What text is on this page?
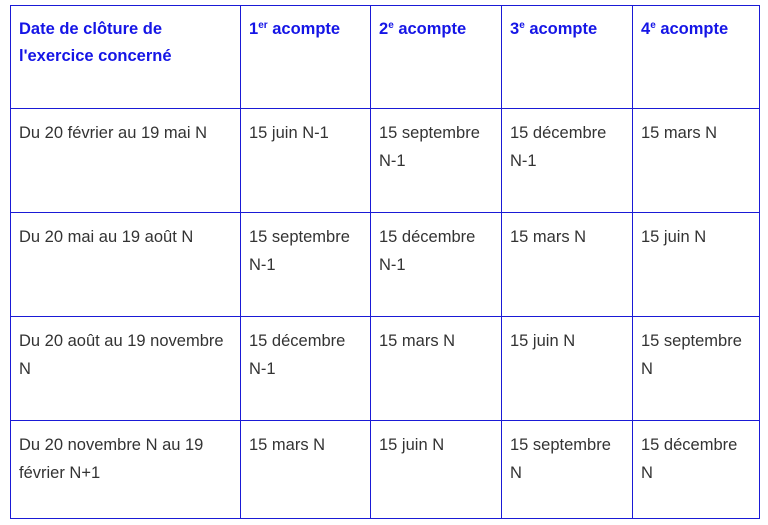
Date de clôture de l'exercice concerné	1er acompte	2e acompte	3e acompte	4e acompte
Du 20 février au 19 mai N	15 juin N-1	15 septembre N-1	15 décembre N-1	15 mars N
Du 20 mai au 19 août N	15 septembre N-1	15 décembre N-1	15 mars N	15 juin N
Du 20 août au 19 novembre N	15 décembre N-1	15 mars N	15 juin N	15 septembre N
Du 20 novembre N au 19 février N+1	15 mars N	15 juin N	15 septembre N	15 décembre N
